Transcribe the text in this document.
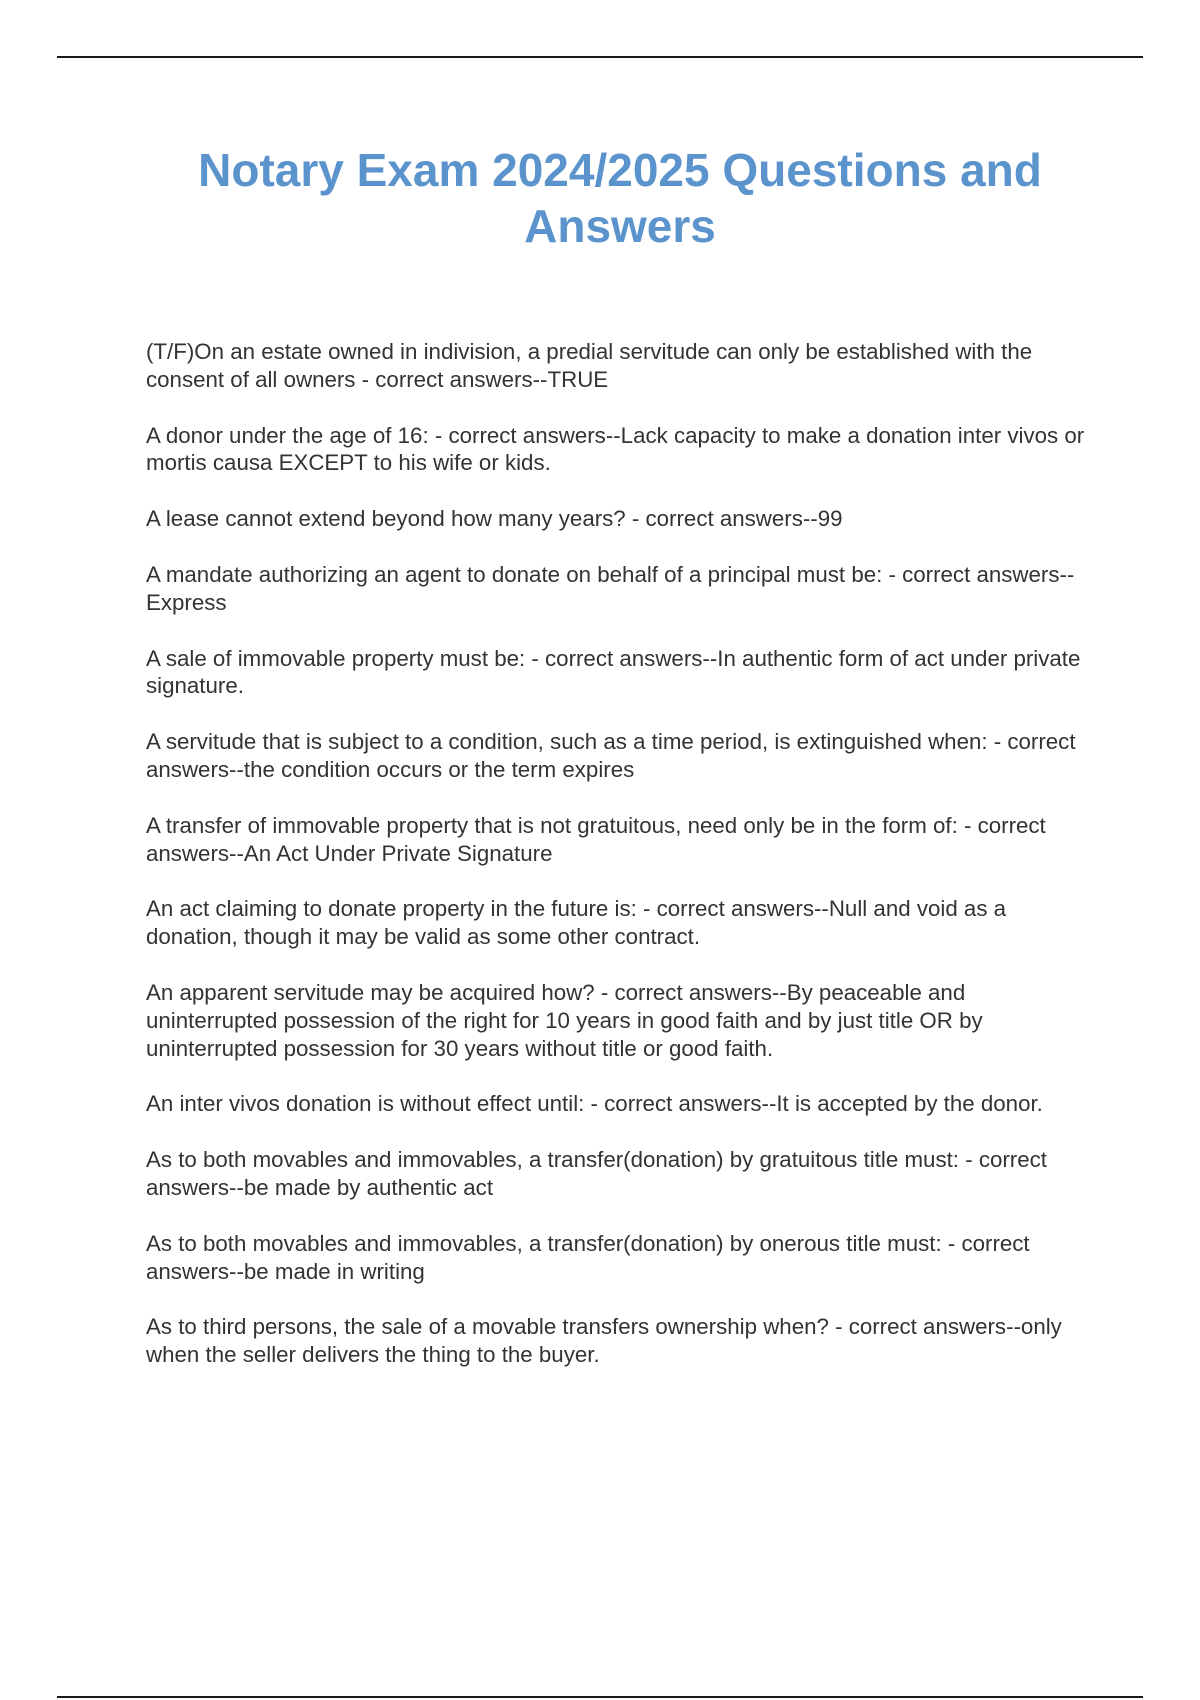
Notary Exam 2024/2025 Questions and Answers
(T/F)On an estate owned in indivision, a predial servitude can only be established with the consent of all owners - correct answers--TRUE
A donor under the age of 16: - correct answers--Lack capacity to make a donation inter vivos or mortis causa EXCEPT to his wife or kids.
A lease cannot extend beyond how many years? - correct answers--99
A mandate authorizing an agent to donate on behalf of a principal must be: - correct answers--Express
A sale of immovable property must be: - correct answers--In authentic form of act under private signature.
A servitude that is subject to a condition, such as a time period, is extinguished when: - correct answers--the condition occurs or the term expires
A transfer of immovable property that is not gratuitous, need only be in the form of: - correct answers--An Act Under Private Signature
An act claiming to donate property in the future is: - correct answers--Null and void as a donation, though it may be valid as some other contract.
An apparent servitude may be acquired how? - correct answers--By peaceable and uninterrupted possession of the right for 10 years in good faith and by just title OR by uninterrupted possession for 30 years without title or good faith.
An inter vivos donation is without effect until: - correct answers--It is accepted by the donor.
As to both movables and immovables, a transfer(donation) by gratuitous title must: - correct answers--be made by authentic act
As to both movables and immovables, a transfer(donation) by onerous title must: - correct answers--be made in writing
As to third persons, the sale of a movable transfers ownership when? - correct answers--only when the seller delivers the thing to the buyer.
